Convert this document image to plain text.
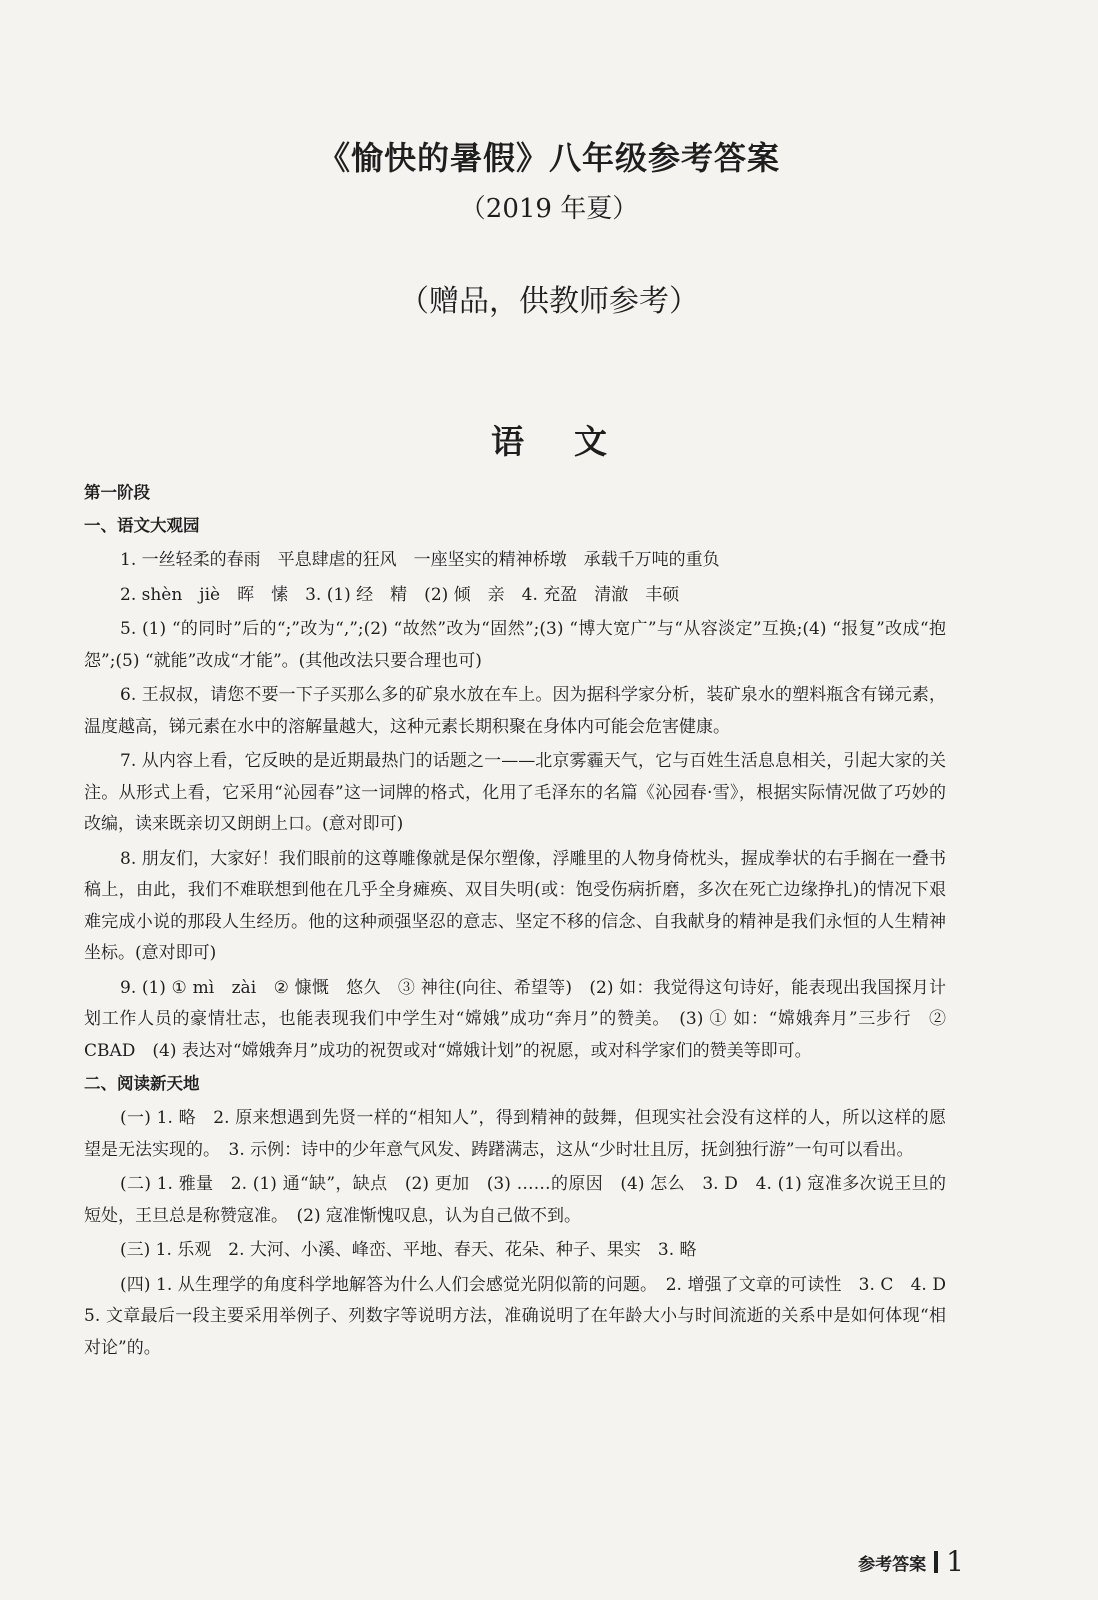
《愉快的暑假》八年级参考答案
（2019 年夏）
（赠品，供教师参考）
语文

第一阶段

一、语文大观园

1. 一丝轻柔的春雨　平息肆虐的狂风　一座坚实的精神桥墩　承载千万吨的重负

2. shèn　jiè　晖　愫　3. (1) 经　精　(2) 倾　亲　4. 充盈　清澈　丰硕

5. (1) “的同时”后的“;”改为“,”;(2) “故然”改为“固然”;(3) “博大宽广”与“从容淡定”互换;(4) “报复”改成“抱怨”;(5) “就能”改成“才能”。(其他改法只要合理也可)

6. 王叔叔，请您不要一下子买那么多的矿泉水放在车上。因为据科学家分析，装矿泉水的塑料瓶含有锑元素，温度越高，锑元素在水中的溶解量越大，这种元素长期积聚在身体内可能会危害健康。

7. 从内容上看，它反映的是近期最热门的话题之一——北京雾霾天气，它与百姓生活息息相关，引起大家的关注。从形式上看，它采用“沁园春”这一词牌的格式，化用了毛泽东的名篇《沁园春·雪》，根据实际情况做了巧妙的改编，读来既亲切又朗朗上口。(意对即可)

8. 朋友们，大家好！我们眼前的这尊雕像就是保尔塑像，浮雕里的人物身倚枕头，握成拳状的右手搁在一叠书稿上，由此，我们不难联想到他在几乎全身瘫痪、双目失明(或：饱受伤病折磨，多次在死亡边缘挣扎)的情况下艰难完成小说的那段人生经历。他的这种顽强坚忍的意志、坚定不移的信念、自我献身的精神是我们永恒的人生精神坐标。(意对即可)

9. (1) ① mì　zài　② 慷慨　悠久　③ 神往(向往、希望等)　(2) 如：我觉得这句诗好，能表现出我国探月计划工作人员的豪情壮志，也能表现我们中学生对“嫦娥”成功“奔月”的赞美。　(3) ① 如：“嫦娥奔月”三步行　② CBAD　(4) 表达对“嫦娥奔月”成功的祝贺或对“嫦娥计划”的祝愿，或对科学家们的赞美等即可。

二、阅读新天地

(一) 1. 略　2. 原来想遇到先贤一样的“相知人”，得到精神的鼓舞，但现实社会没有这样的人，所以这样的愿望是无法实现的。　3. 示例：诗中的少年意气风发、踌躇满志，这从“少时壮且厉，抚剑独行游”一句可以看出。

(二) 1. 雅量　2. (1) 通“缺”，缺点　(2) 更加　(3) ……的原因　(4) 怎么　3. D　4. (1) 寇准多次说王旦的短处，王旦总是称赞寇准。　(2) 寇准惭愧叹息，认为自己做不到。

(三) 1. 乐观　2. 大河、小溪、峰峦、平地、春天、花朵、种子、果实　3. 略

(四) 1. 从生理学的角度科学地解答为什么人们会感觉光阴似箭的问题。　2. 增强了文章的可读性　3. C　4. D　5. 文章最后一段主要采用举例子、列数字等说明方法，准确说明了在年龄大小与时间流逝的关系中是如何体现“相对论”的。

参考答案 1
